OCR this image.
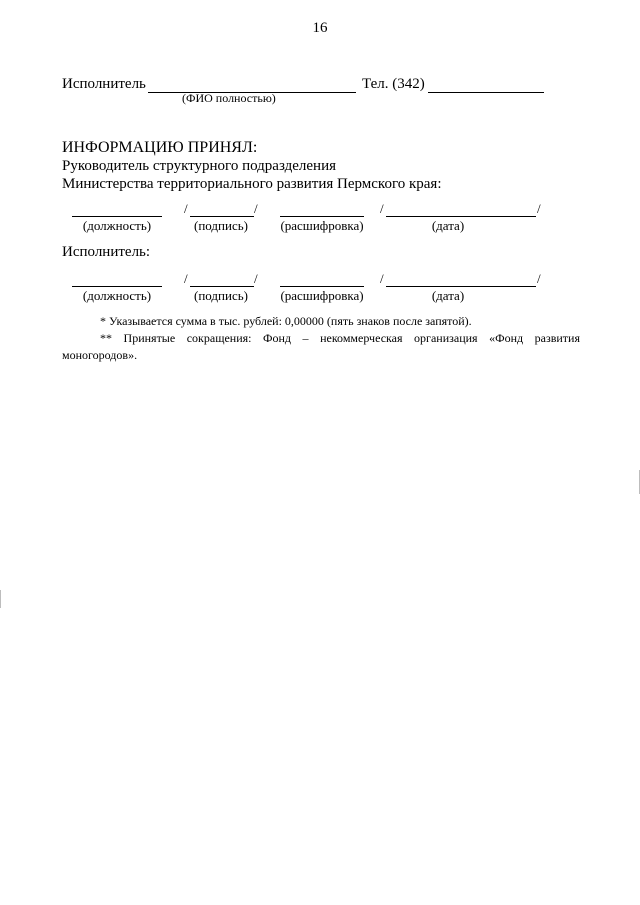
16
Исполнитель	Тел. (342)
(ФИО полностью)
ИНФОРМАЦИЮ ПРИНЯЛ:
Руководитель структурного подразделения
Министерства территориального развития Пермского края:
/	/	/	/
(должность)	(подпись)	(расшифровка)	(дата)
Исполнитель:
/	/	/	/
(должность)	(подпись)	(расшифровка)	(дата)
* Указывается сумма в тыс. рублей: 0,00000 (пять знаков после запятой).
** Принятые сокращения: Фонд – некоммерческая организация «Фонд развития моногородов».
